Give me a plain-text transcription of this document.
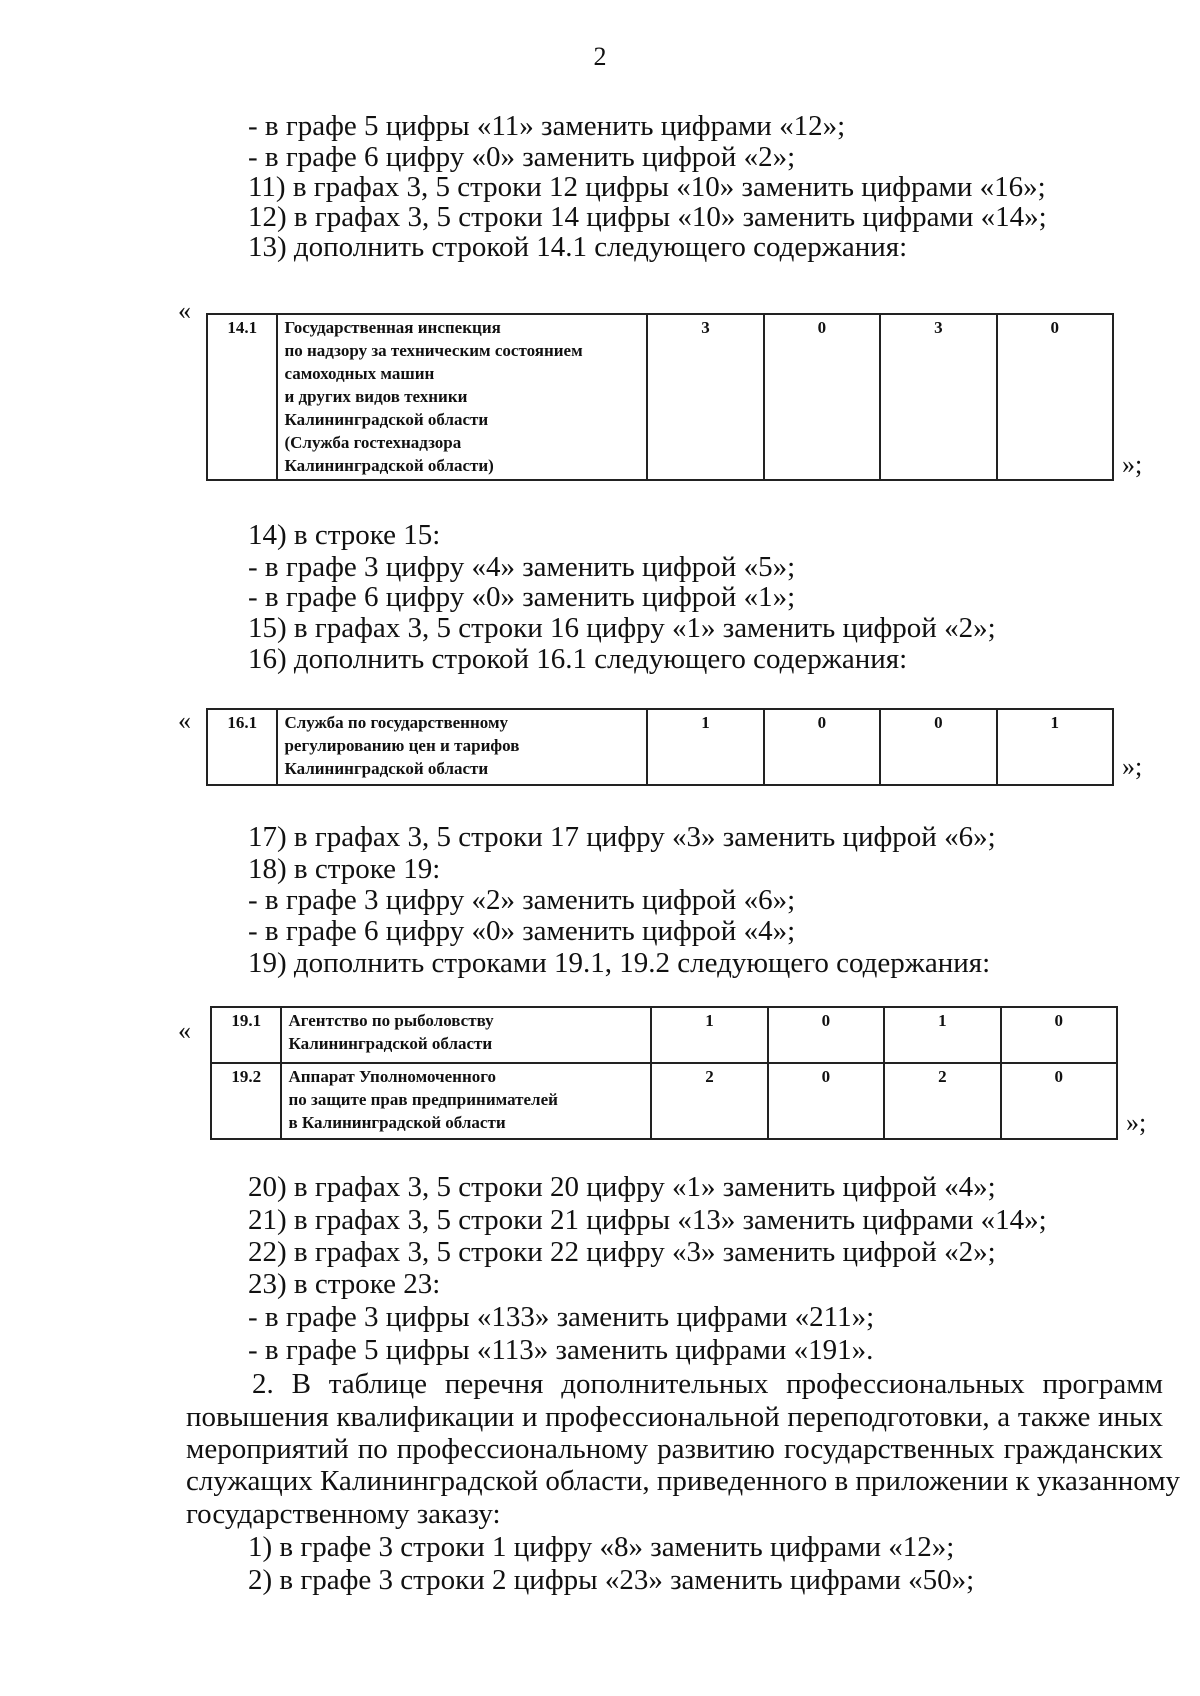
2
- в графе 5 цифры «11» заменить цифрами «12»;
- в графе 6 цифру «0» заменить цифрой «2»;
11) в графах 3, 5 строки 12 цифры «10» заменить цифрами «16»;
12) в графах 3, 5 строки 14 цифры «10» заменить цифрами «14»;
13) дополнить строкой 14.1 следующего содержания:
«
14.1	Государственная инспекция
по надзору за техническим состоянием
самоходных машин
и других видов техники
Калининградской области
(Служба гостехнадзора
Калининградской области)
	3	0	3	0
»;
14) в строке 15:
- в графе 3 цифру «4» заменить цифрой «5»;
- в графе 6 цифру «0» заменить цифрой «1»;
15) в графах 3, 5 строки 16 цифру «1» заменить цифрой «2»;
16) дополнить строкой 16.1 следующего содержания:
« 16.1	Служба по государственному
регулированию цен и тарифов
Калининградской области
	1	0	0	1
»;
17) в графах 3, 5 строки 17 цифру «3» заменить цифрой «6»;
18) в строке 19:
- в графе 3 цифру «2» заменить цифрой «6»;
- в графе 6 цифру «0» заменить цифрой «4»;
19) дополнить строками 19.1, 19.2 следующего содержания:
« 19.1	Агентство по рыболовству
Калининградской области	1	0	1	0
19.2	Аппарат Уполномоченного
по защите прав предпринимателей
в Калининградской области	2	0	2	0
»;
20) в графах 3, 5 строки 20 цифру «1» заменить цифрой «4»;
21) в графах 3, 5 строки 21 цифры «13» заменить цифрами «14»;
22) в графах 3, 5 строки 22 цифру «3» заменить цифрой «2»;
23) в строке 23:
- в графе 3 цифры «133» заменить цифрами «211»;
- в графе 5 цифры «113» заменить цифрами «191».
2. В таблице перечня дополнительных профессиональных программ
повышения квалификации и профессиональной переподготовки, а также иных
мероприятий по профессиональному развитию государственных гражданских
служащих Калининградской области, приведенного в приложении к указанному
государственному заказу:
1) в графе 3 строки 1 цифру «8» заменить цифрами «12»;
2) в графе 3 строки 2 цифры «23» заменить цифрами «50»;
